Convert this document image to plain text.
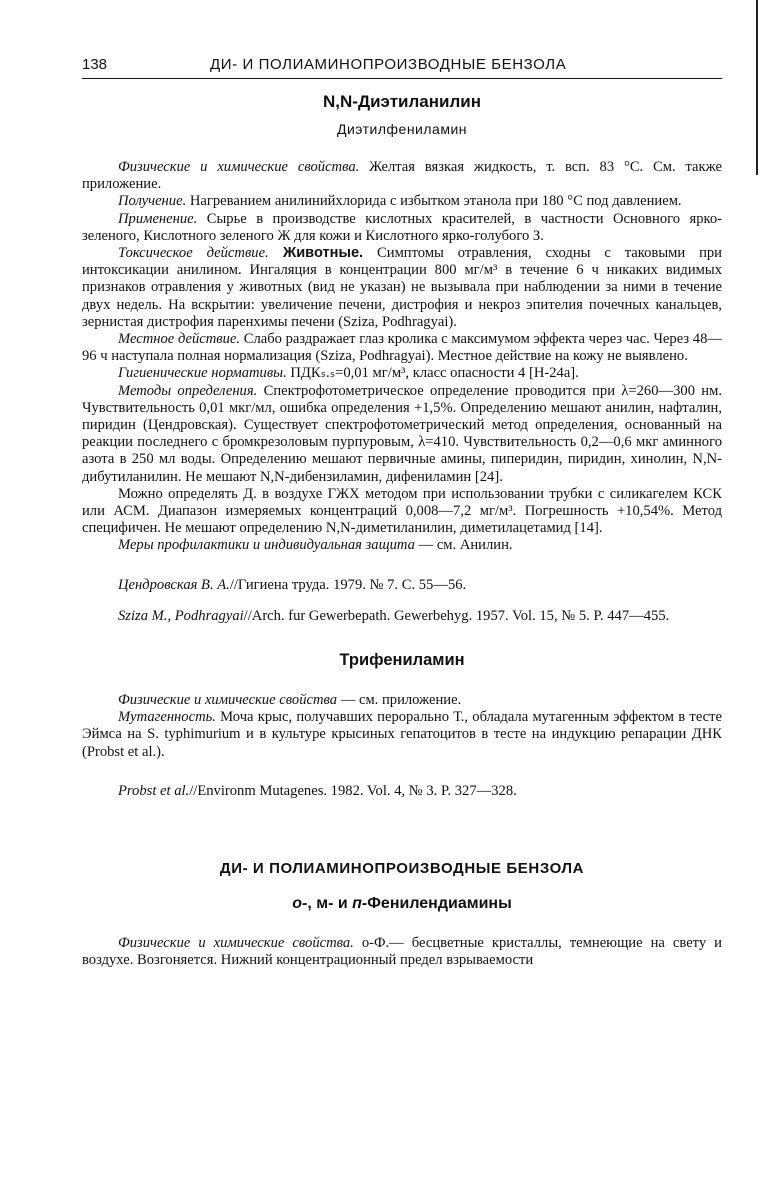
138	ДИ- И ПОЛИАМИНОПРОИЗВОДНЫЕ БЕНЗОЛА
N,N-Диэтиланилин
Диэтилфениламин

Физические и химические свойства. Желтая вязкая жидкость, т. всп. 83 °С. См. также приложение.

Получение. Нагреванием анилинийхлорида с избытком этанола при 180 °С под давлением.

Применение. Сырье в производстве кислотных красителей, в частности Основного ярко-зеленого, Кислотного зеленого Ж для кожи и Кислотного ярко-голубого З.

Токсическое действие. Животные. Симптомы отравления, сходны с таковыми при интоксикации анилином. Ингаляция в концентрации 800 мг/м³ в течение 6 ч никаких видимых признаков отравления у животных (вид не указан) не вызывала при наблюдении за ними в течение двух недель. На вскрытии: увеличение печени, дистрофия и некроз эпителия почечных канальцев, зернистая дистрофия паренхимы печени (Sziza, Podhragyai).

Местное действие. Слабо раздражает глаз кролика с максимумом эффекта через час. Через 48—96 ч наступала полная нормализация (Sziza, Podhragyai). Местное действие на кожу не выявлено.

Гигиенические нормативы. ПДКₛ.ₛ=0,01 мг/м³, класс опасности 4 [Н-24а].

Методы определения. Спектрофотометрическое определение проводится при λ=260—300 нм. Чувствительность 0,01 мкг/мл, ошибка определения +1,5%. Определению мешают анилин, нафталин, пиридин (Цендровская). Существует спектрофотометрический метод определения, основанный на реакции последнего с бромкрезоловым пурпуровым, λ=410. Чувствительность 0,2—0,6 мкг аминного азота в 250 мл воды. Определению мешают первичные амины, пиперидин, пиридин, хинолин, N,N-дибутиланилин. Не мешают N,N-дибензиламин, дифениламин [24].

Можно определять Д. в воздухе ГЖХ методом при использовании трубки с силикагелем КСК или АСМ. Диапазон измеряемых концентраций 0,008—7,2 мг/м³. Погрешность +10,54%. Метод специфичен. Не мешают определению N,N-диметиланилин, диметилацетамид [14].

Меры профилактики и индивидуальная защита — см. Анилин.

Цендровская В. А.//Гигиена труда. 1979. № 7. С. 55—56.

Sziza M., Podhragyai//Arch. fur Gewerbepath. Gewerbehyg. 1957. Vol. 15, № 5. P. 447—455.

Трифениламин

Физические и химические свойства — см. приложение.

Мутагенность. Моча крыс, получавших перорально Т., обладала мутагенным эффектом в тесте Эймса на S. typhimurium и в культуре крысиных гепатоцитов в тесте на индукцию репарации ДНК (Probst et al.).

Probst et al.//Environm Mutagenes. 1982. Vol. 4, № 3. P. 327—328.

ДИ- И ПОЛИАМИНОПРОИЗВОДНЫЕ БЕНЗОЛА
о-, м- и п-Фенилендиамины

Физические и химические свойства. о-Ф.— бесцветные кристаллы, темнеющие на свету и воздухе. Возгоняется. Нижний концентрационный предел взрываемости
